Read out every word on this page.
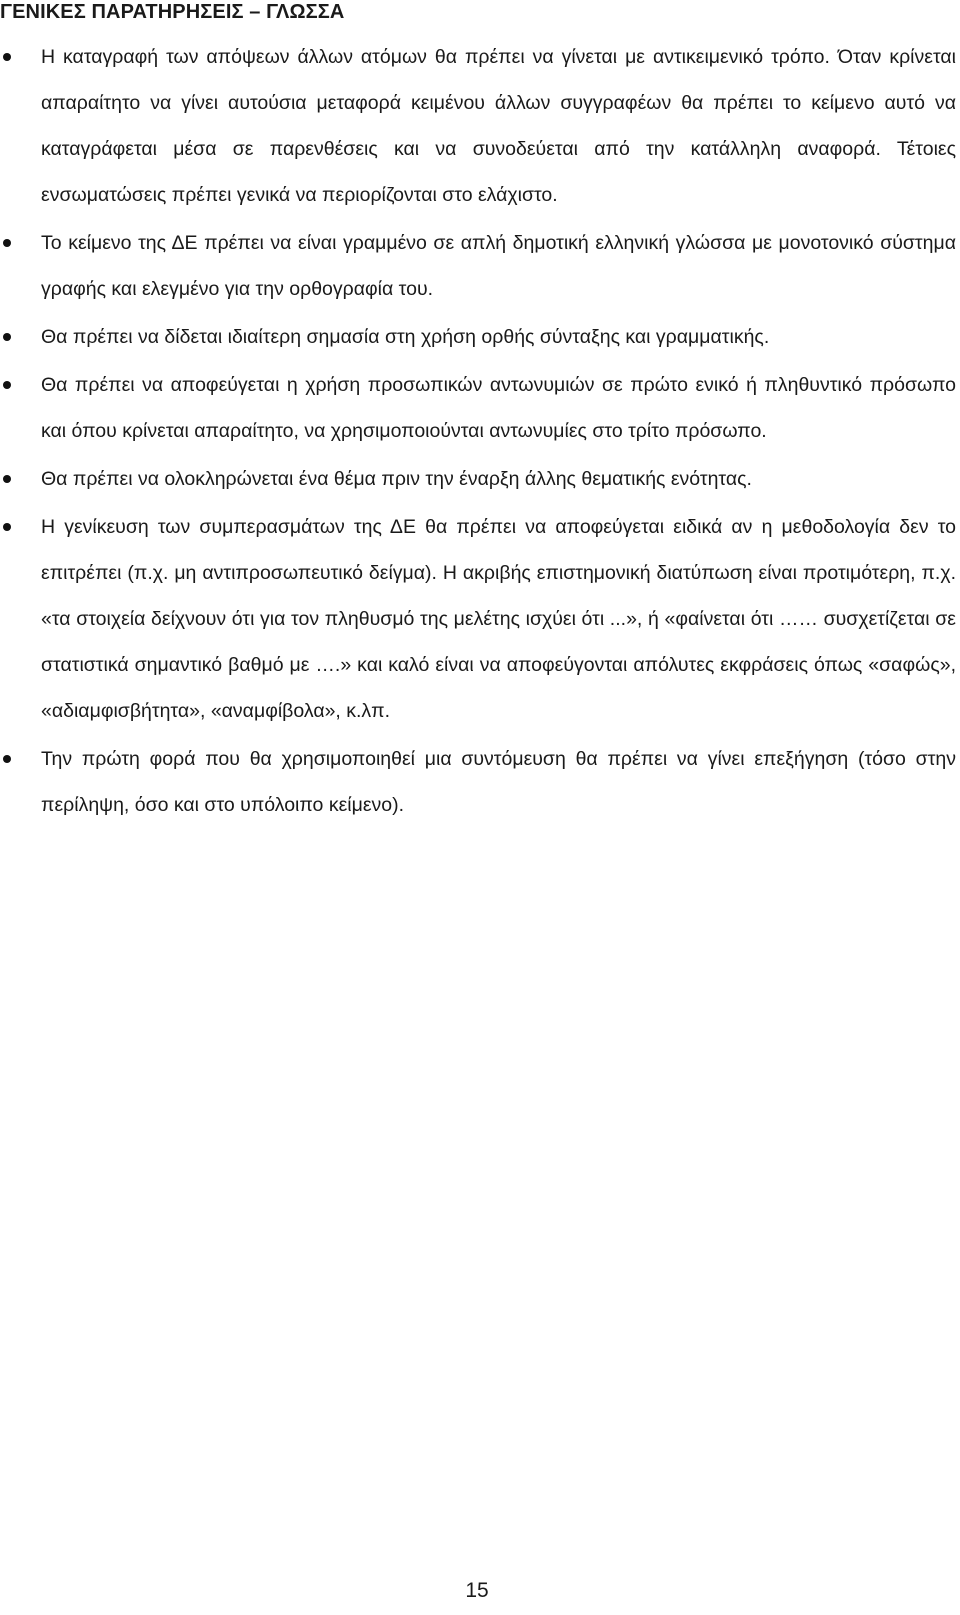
ΓΕΝΙΚΕΣ ΠΑΡΑΤΗΡΗΣΕΙΣ – ΓΛΩΣΣΑ
Η καταγραφή των απόψεων άλλων ατόμων θα πρέπει να γίνεται με αντικειμενικό τρόπο. Όταν κρίνεται απαραίτητο να γίνει αυτούσια μεταφορά κειμένου άλλων συγγραφέων θα πρέπει το κείμενο αυτό να καταγράφεται μέσα σε παρενθέσεις και να συνοδεύεται από την κατάλληλη αναφορά. Τέτοιες ενσωματώσεις πρέπει γενικά να περιορίζονται στο ελάχιστο.
Το κείμενο της ΔΕ πρέπει να είναι γραμμένο σε απλή δημοτική ελληνική γλώσσα με μονοτονικό σύστημα γραφής και ελεγμένο για την ορθογραφία του.
Θα πρέπει να δίδεται ιδιαίτερη σημασία στη χρήση ορθής σύνταξης και γραμματικής.
Θα πρέπει να αποφεύγεται η χρήση προσωπικών αντωνυμιών σε πρώτο ενικό ή πληθυντικό πρόσωπο και όπου κρίνεται απαραίτητο, να χρησιμοποιούνται αντωνυμίες στο τρίτο πρόσωπο.
Θα πρέπει να ολοκληρώνεται ένα θέμα πριν την έναρξη άλλης θεματικής ενότητας.
Η γενίκευση των συμπερασμάτων της ΔΕ θα πρέπει να αποφεύγεται ειδικά αν η μεθοδολογία δεν το επιτρέπει (π.χ. μη αντιπροσωπευτικό δείγμα). Η ακριβής επιστημονική διατύπωση είναι προτιμότερη, π.χ. «τα στοιχεία δείχνουν ότι για τον πληθυσμό της μελέτης ισχύει ότι ...», ή «φαίνεται ότι …… συσχετίζεται σε στατιστικά σημαντικό βαθμό με ….» και καλό είναι να αποφεύγονται απόλυτες εκφράσεις όπως «σαφώς», «αδιαμφισβήτητα», «αναμφίβολα», κ.λπ.
Την πρώτη φορά που θα χρησιμοποιηθεί μια συντόμευση θα πρέπει να γίνει επεξήγηση (τόσο στην περίληψη, όσο και στο υπόλοιπο κείμενο).
15
